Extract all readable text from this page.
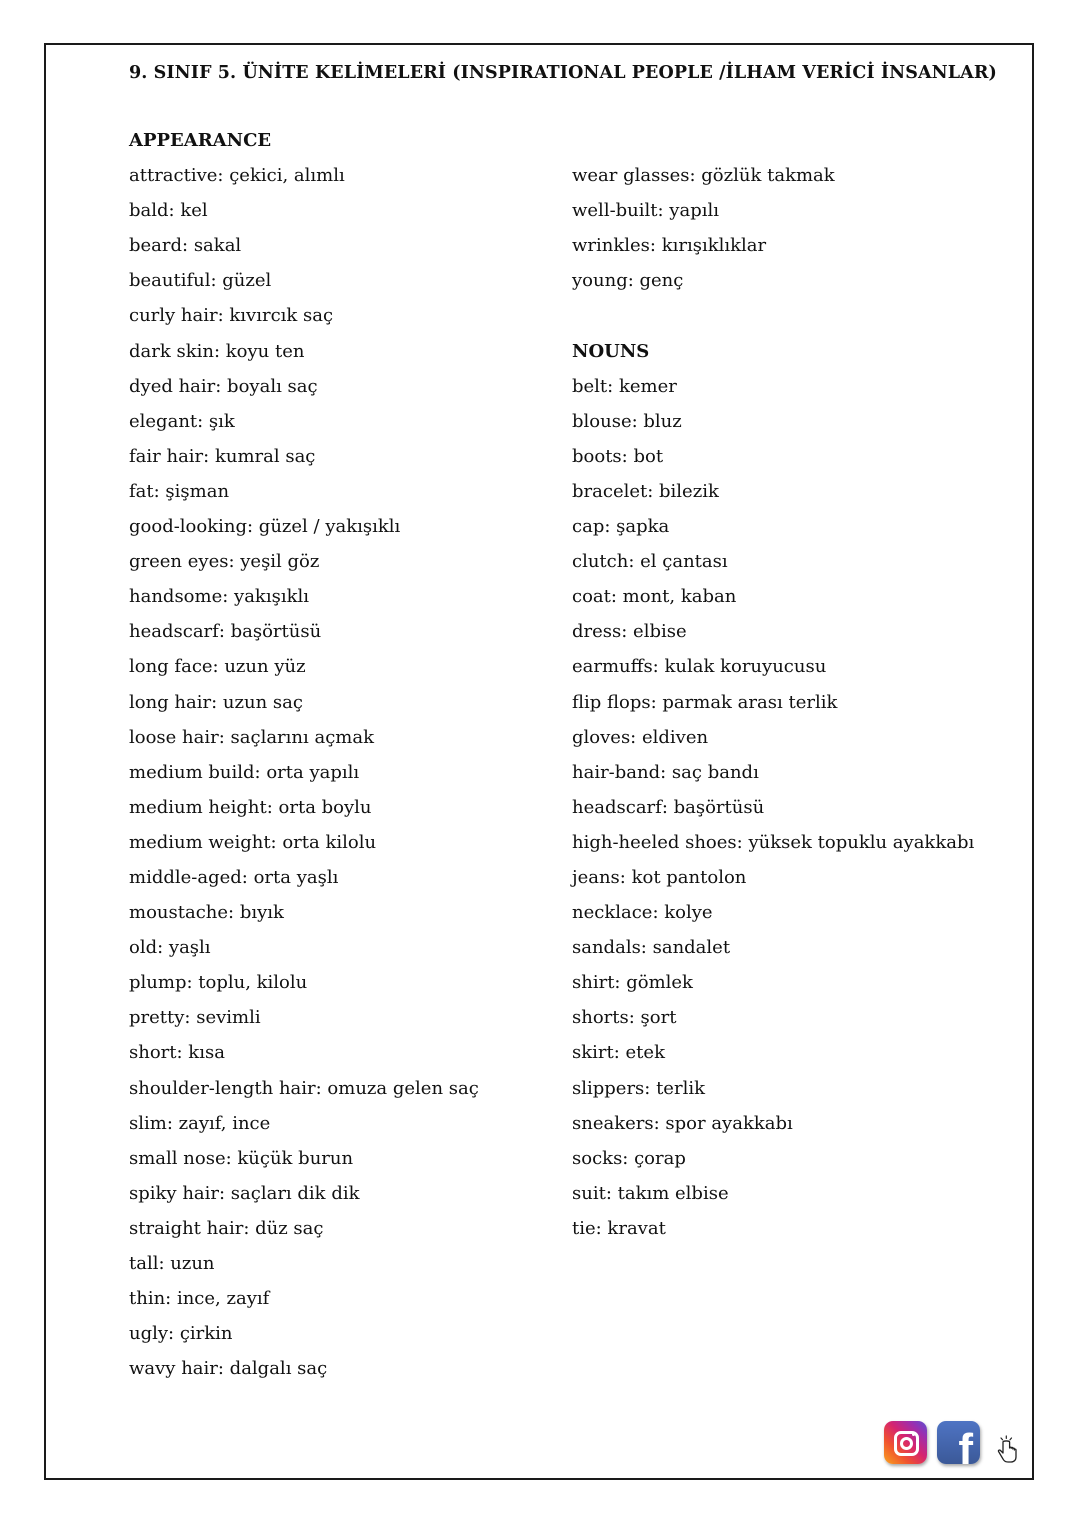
9. SINIF 5. ÜNİTE KELİMELERİ (INSPIRATIONAL PEOPLE /İLHAM VERİCİ İNSANLAR)
APPEARANCE
attractive: çekici, alımlı
bald: kel
beard: sakal
beautiful: güzel
curly hair: kıvırcık saç
dark skin: koyu ten
dyed hair: boyalı saç
elegant: şık
fair hair: kumral saç
fat: şişman
good-looking: güzel / yakışıklı
green eyes: yeşil göz
handsome: yakışıklı
headscarf: başörtüsü
long face: uzun yüz
long hair: uzun saç
loose hair: saçlarını açmak
medium build: orta yapılı
medium height: orta boylu
medium weight: orta kilolu
middle-aged: orta yaşlı
moustache: bıyık
old: yaşlı
plump: toplu, kilolu
pretty: sevimli
short: kısa
shoulder-length hair: omuza gelen saç
slim: zayıf, ince
small nose: küçük burun
spiky hair: saçları dik dik
straight hair: düz saç
tall: uzun
thin: ince, zayıf
ugly: çirkin
wavy hair: dalgalı saç
wear glasses: gözlük takmak
well-built: yapılı
wrinkles: kırışıklıklar
young: genç
NOUNS
belt: kemer
blouse: bluz
boots: bot
bracelet: bilezik
cap: şapka
clutch: el çantası
coat: mont, kaban
dress: elbise
earmuffs: kulak koruyucusu
flip flops: parmak arası terlik
gloves: eldiven
hair-band: saç bandı
headscarf: başörtüsü
high-heeled shoes: yüksek topuklu ayakkabı
jeans: kot pantolon
necklace: kolye
sandals: sandalet
shirt: gömlek
shorts: şort
skirt: etek
slippers: terlik
sneakers: spor ayakkabı
socks: çorap
suit: takım elbise
tie: kravat
f
